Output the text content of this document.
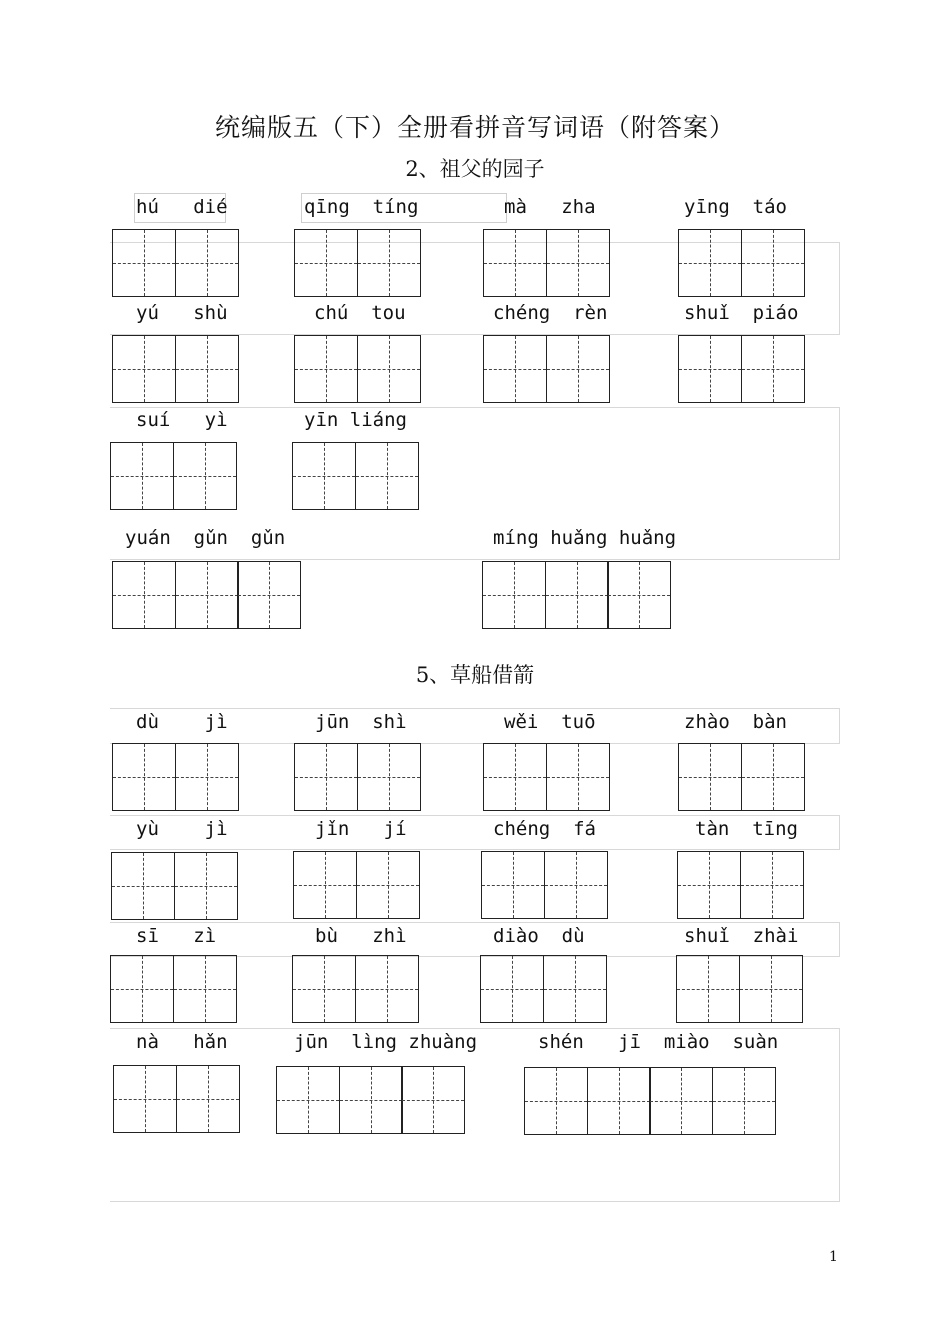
统编版五（下）全册看拼音写词语（附答案）
2、祖父的园子
hú   dié	qīng  tíng	mà   zha	yīng  táo
yú   shù	chú  tou	chéng  rèn	shuǐ  piáo
suí   yì	yīn liáng
yuán  gǔn  gǔn	míng huǎng huǎng
5、草船借箭
dù    jì	jūn  shì	wěi  tuō	zhào  bàn
yù    jì	jǐn   jí	chéng  fá	tàn  tīng
sī   zì	bù   zhì	diào  dù	shuǐ  zhài
nà   hǎn	jūn  lìng zhuàng	shén   jī  miào  suàn
1
